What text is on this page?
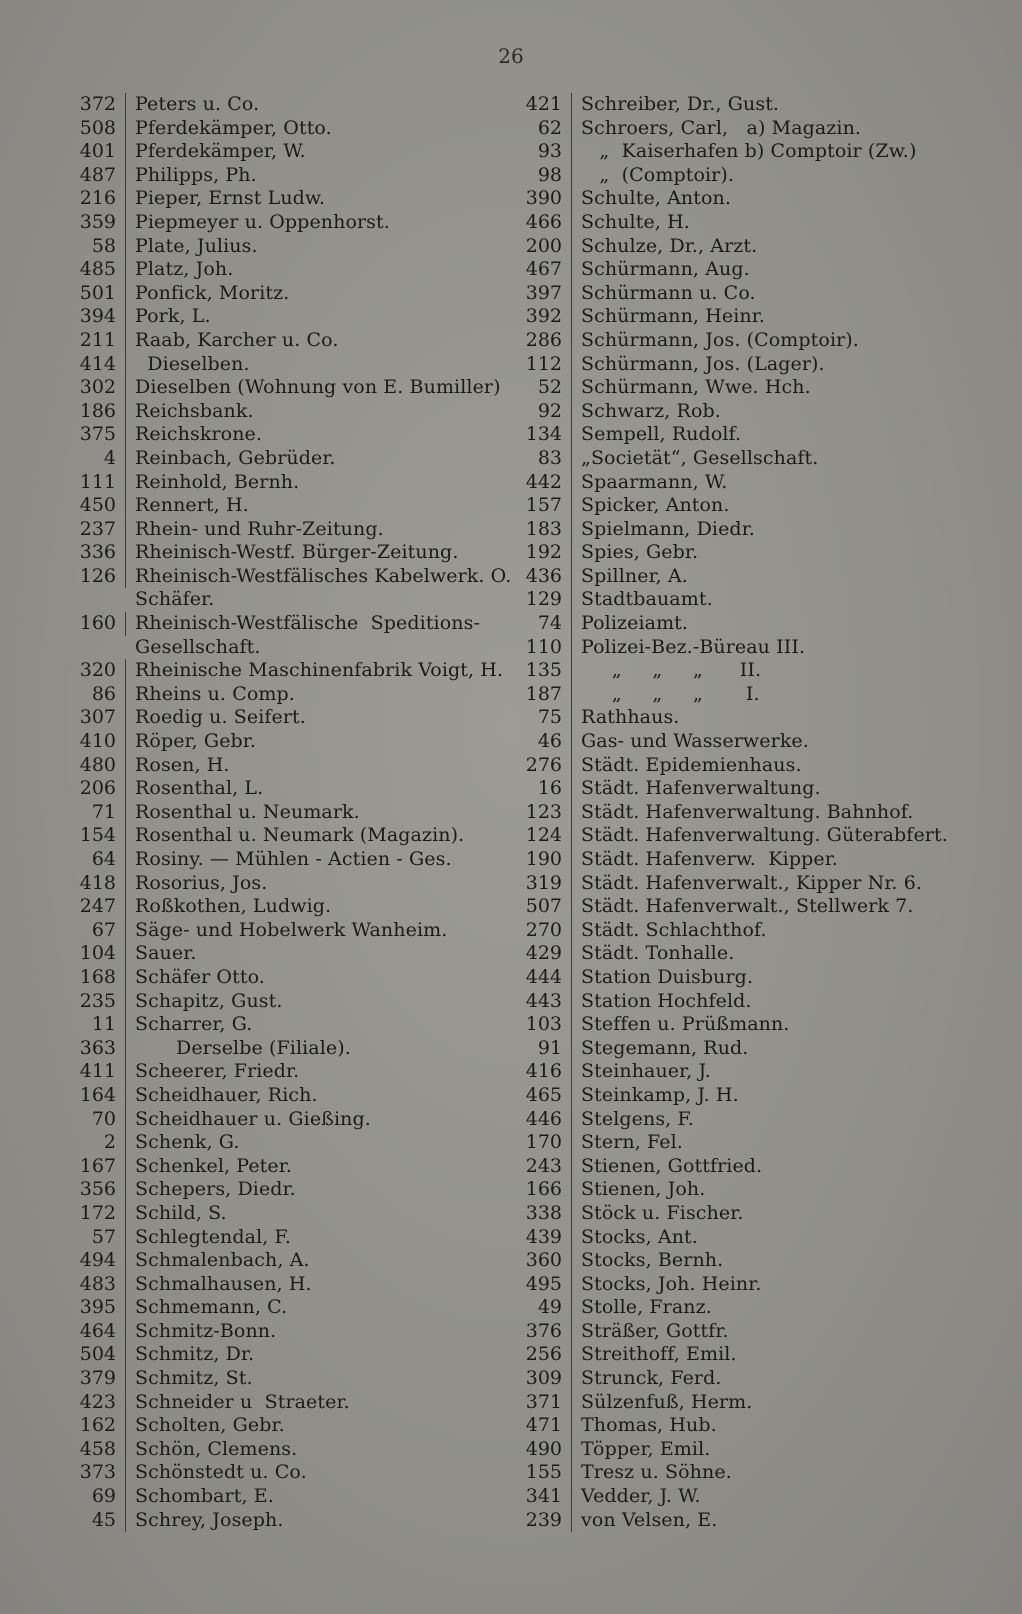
26
372	Peters u. Co.
508	Pferdekämper, Otto.
401	Pferdekämper, W.
487	Philipps, Ph.
216	Pieper, Ernst Ludw.
359	Piepmeyer u. Oppenhorst.
58	Plate, Julius.
485	Platz, Joh.
501	Ponfick, Moritz.
394	Pork, L.
211	Raab, Karcher u. Co.
414	Dieselben.
302	Dieselben (Wohnung von E. Bumiller)
186	Reichsbank.
375	Reichskrone.
4	Reinbach, Gebrüder.
111	Reinhold, Bernh.
450	Rennert, H.
237	Rhein- und Ruhr-Zeitung.
336	Rheinisch-Westf. Bürger-Zeitung.
126	Rheinisch-Westfälisches Kabelwerk. O.
Schäfer.
160	Rheinisch-Westfälische  Speditions-
Gesellschaft.
320	Rheinische Maschinenfabrik Voigt, H.
86	Rheins u. Comp.
307	Roedig u. Seifert.
410	Röper, Gebr.
480	Rosen, H.
206	Rosenthal, L.
71	Rosenthal u. Neumark.
154	Rosenthal u. Neumark (Magazin).
64	Rosiny. — Mühlen - Actien - Ges.
418	Rosorius, Jos.
247	Roßkothen, Ludwig.
67	Säge- und Hobelwerk Wanheim.
104	Sauer.
168	Schäfer Otto.
235	Schapitz, Gust.
11	Scharrer, G.
363	Derselbe (Filiale).
411	Scheerer, Friedr.
164	Scheidhauer, Rich.
70	Scheidhauer u. Gießing.
2	Schenk, G.
167	Schenkel, Peter.
356	Schepers, Diedr.
172	Schild, S.
57	Schlegtendal, F.
494	Schmalenbach, A.
483	Schmalhausen, H.
395	Schmemann, C.
464	Schmitz-Bonn.
504	Schmitz, Dr.
379	Schmitz, St.
423	Schneider u  Straeter.
162	Scholten, Gebr.
458	Schön, Clemens.
373	Schönstedt u. Co.
69	Schombart, E.
45	Schrey, Joseph.
421	Schreiber, Dr., Gust.
62	Schroers, Carl,   a) Magazin.
93	„  Kaiserhafen b) Comptoir (Zw.)
98	„  (Comptoir).
390	Schulte, Anton.
466	Schulte, H.
200	Schulze, Dr., Arzt.
467	Schürmann, Aug.
397	Schürmann u. Co.
392	Schürmann, Heinr.
286	Schürmann, Jos. (Comptoir).
112	Schürmann, Jos. (Lager).
52	Schürmann, Wwe. Hch.
92	Schwarz, Rob.
134	Sempell, Rudolf.
83	„Societät“, Gesellschaft.
442	Spaarmann, W.
157	Spicker, Anton.
183	Spielmann, Diedr.
192	Spies, Gebr.
436	Spillner, A.
129	Stadtbauamt.
74	Polizeiamt.
110	Polizei-Bez.-Büreau III.
135	„     „     „      II.
187	„     „     „       I.
75	Rathhaus.
46	Gas- und Wasserwerke.
276	Städt. Epidemienhaus.
16	Städt. Hafenverwaltung.
123	Städt. Hafenverwaltung. Bahnhof.
124	Städt. Hafenverwaltung. Güterabfert.
190	Städt. Hafenverw.  Kipper.
319	Städt. Hafenverwalt., Kipper Nr. 6.
507	Städt. Hafenverwalt., Stellwerk 7.
270	Städt. Schlachthof.
429	Städt. Tonhalle.
444	Station Duisburg.
443	Station Hochfeld.
103	Steffen u. Prüßmann.
91	Stegemann, Rud.
416	Steinhauer, J.
465	Steinkamp, J. H.
446	Stelgens, F.
170	Stern, Fel.
243	Stienen, Gottfried.
166	Stienen, Joh.
338	Stöck u. Fischer.
439	Stocks, Ant.
360	Stocks, Bernh.
495	Stocks, Joh. Heinr.
49	Stolle, Franz.
376	Sträßer, Gottfr.
256	Streithoff, Emil.
309	Strunck, Ferd.
371	Sülzenfuß, Herm.
471	Thomas, Hub.
490	Töpper, Emil.
155	Tresz u. Söhne.
341	Vedder, J. W.
239	von Velsen, E.
